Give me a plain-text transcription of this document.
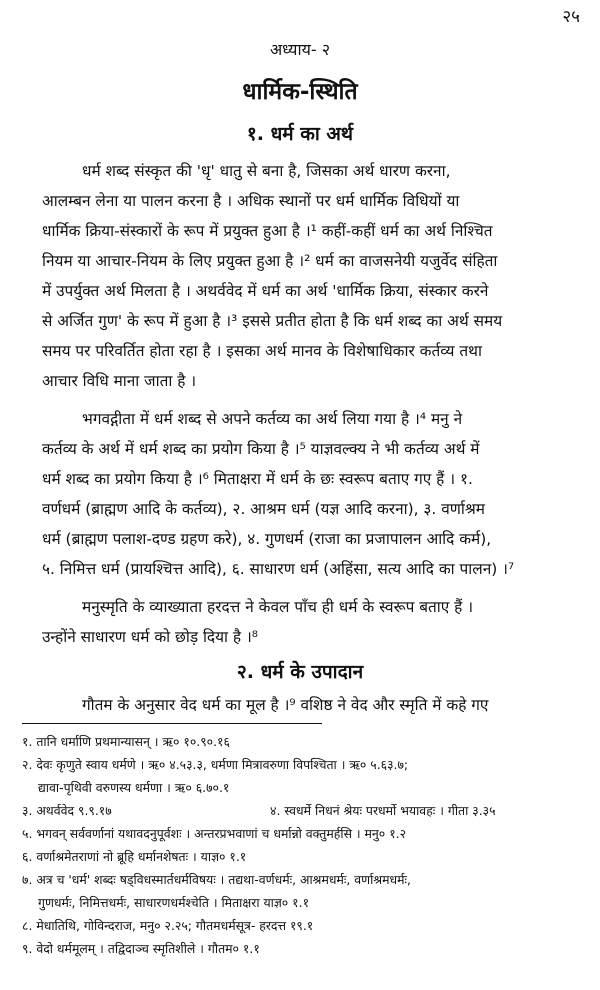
२५
अध्याय- २
धार्मिक-स्थिति
१. धर्म का अर्थ
धर्म शब्द संस्कृत की 'धृ' धातु से बना है, जिसका अर्थ धारण करना,
आलम्बन लेना या पालन करना है । अधिक स्थानों पर धर्म धार्मिक विधियों या
धार्मिक क्रिया-संस्कारों के रूप में प्रयुक्त हुआ है ।¹ कहीं-कहीं धर्म का अर्थ निश्चित
नियम या आचार-नियम के लिए प्रयुक्त हुआ है ।² धर्म का वाजसनेयी यजुर्वेद संहिता
में उपर्युक्त अर्थ मिलता है । अथर्ववेद में धर्म का अर्थ 'धार्मिक क्रिया, संस्कार करने
से अर्जित गुण' के रूप में हुआ है ।³ इससे प्रतीत होता है कि धर्म शब्द का अर्थ समय
समय पर परिवर्तित होता रहा है । इसका अर्थ मानव के विशेषाधिकार कर्तव्य तथा
आचार विधि माना जाता है ।
भगवद्गीता में धर्म शब्द से अपने कर्तव्य का अर्थ लिया गया है ।⁴ मनु ने
कर्तव्य के अर्थ में धर्म शब्द का प्रयोग किया है ।⁵ याज्ञवल्क्य ने भी कर्तव्य अर्थ में
धर्म शब्द का प्रयोग किया है ।⁶ मिताक्षरा में धर्म के छः स्वरूप बताए गए हैं । १.
वर्णधर्म (ब्राह्मण आदि के कर्तव्य), २. आश्रम धर्म (यज्ञ आदि करना), ३. वर्णाश्रम
धर्म (ब्राह्मण पलाश-दण्ड ग्रहण करे), ४. गुणधर्म (राजा का प्रजापालन आदि कर्म),
५. निमित्त धर्म (प्रायश्चित्त आदि), ६. साधारण धर्म (अहिंसा, सत्य आदि का पालन) ।⁷
मनुस्मृति के व्याख्याता हरदत्त ने केवल पाँच ही धर्म के स्वरूप बताए हैं ।
उन्होंने साधारण धर्म को छोड़ दिया है ।⁸
२. धर्म के उपादान
गौतम के अनुसार वेद धर्म का मूल है ।⁹ वशिष्ठ ने वेद और स्मृति में कहे गए
१. तानि धर्माणि प्रथमान्यासन् । ऋ० १०.९०.१६
२. देवः कृणुते स्वाय धर्मणे । ऋ० ४.५३.३, धर्मणा मित्रावरुणा विपश्चिता । ऋ० ५.६३.७;
द्यावा-पृथिवी वरुणस्य धर्मणा । ऋ० ६.७०.१
३. अथर्ववेद ९.९.१७	४. स्वधर्मे निधनं श्रेयः परधर्मो भयावहः । गीता ३.३५
५. भगवन् सर्ववर्णानां यथावदनुपूर्वशः । अन्तरप्रभवाणां च धर्मान्नो वक्तुमर्हसि । मनु० १.२
६. वर्णाश्रमेतराणां नो ब्रूहि धर्मानशेषतः । याज्ञ० १.१
७. अत्र च 'धर्म' शब्दः षड्विधस्मार्तधर्मविषयः । तद्यथा-वर्णधर्मः, आश्रमधर्मः, वर्णाश्रमधर्मः,
गुणधर्मः, निमित्तधर्मः, साधारणधर्मश्चेति । मिताक्षरा याज्ञ० १.१
८. मेधातिथि, गोविन्दराज, मनु० २.२५; गौतमधर्मसूत्र- हरदत्त १९.१
९. वेदो धर्ममूलम् । तद्विदाञ्च स्मृतिशीले । गौतम० १.१
